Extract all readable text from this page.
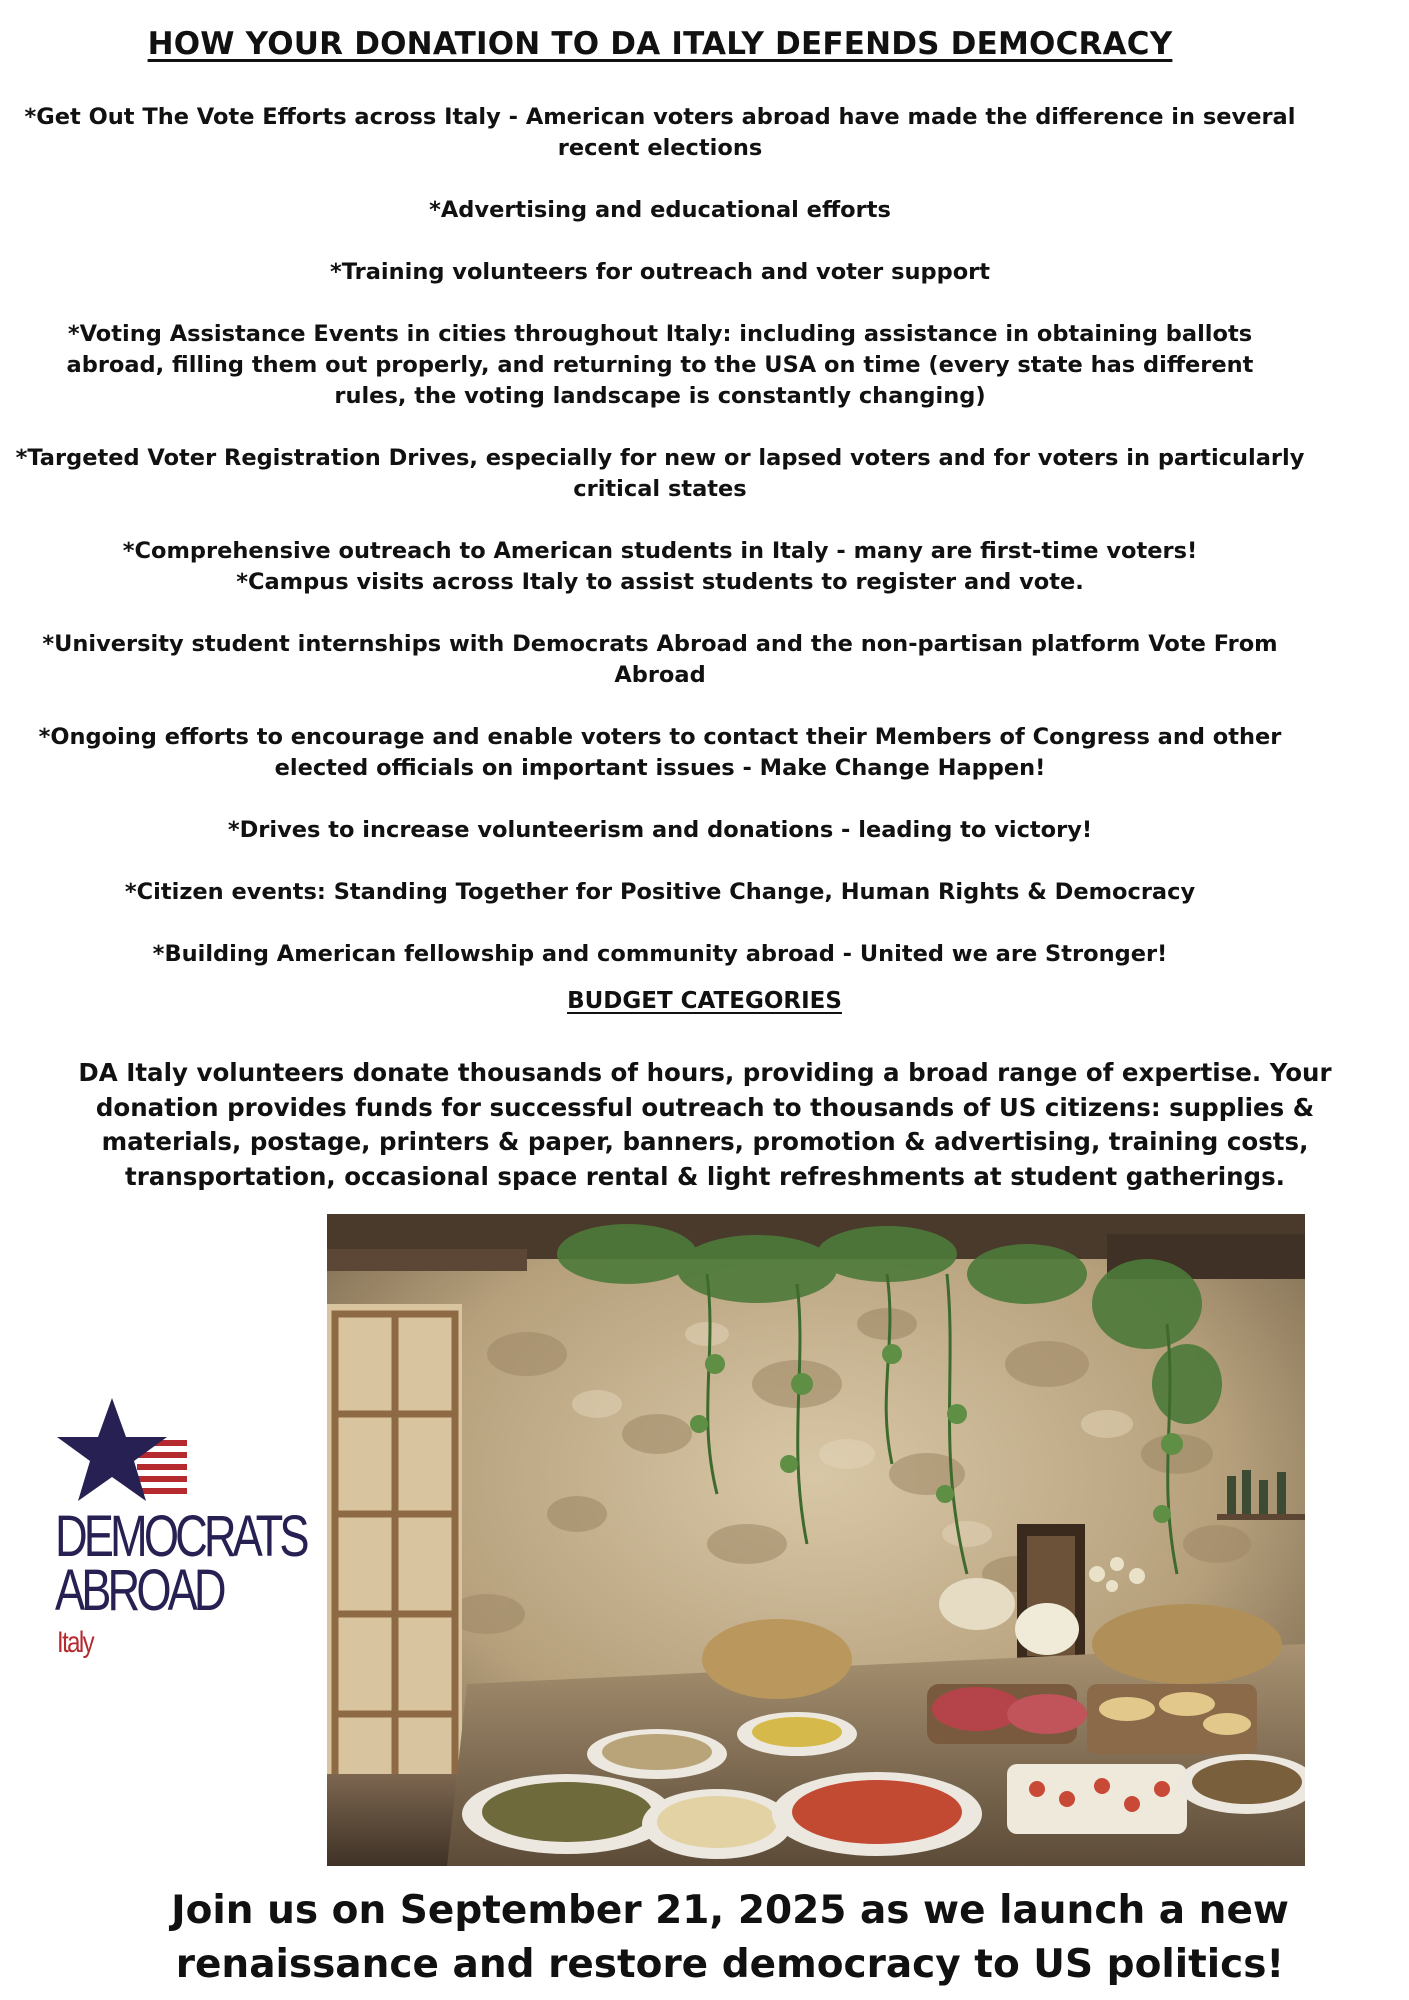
HOW YOUR DONATION TO DA ITALY DEFENDS DEMOCRACY
*Get Out The Vote Efforts across Italy - American voters abroad have made the difference in several recent elections
*Advertising and educational efforts
*Training volunteers for outreach and voter support
*Voting Assistance Events in cities throughout Italy: including assistance in obtaining ballots abroad, filling them out properly, and returning to the USA on time (every state has different rules, the voting landscape is constantly changing)
*Targeted Voter Registration Drives, especially for new or lapsed voters and for voters in particularly critical states
*Comprehensive outreach to American students in Italy - many are first-time voters!
*Campus visits across Italy to assist students to register and vote.
*University student internships with Democrats Abroad and the non-partisan platform Vote From Abroad
*Ongoing efforts to encourage and enable voters to contact their Members of Congress and other elected officials on important issues - Make Change Happen!
*Drives to increase volunteerism and donations - leading to victory!
*Citizen events: Standing Together for Positive Change, Human Rights & Democracy
*Building American fellowship and community abroad - United we are Stronger!
BUDGET CATEGORIES
DA Italy volunteers donate thousands of hours, providing a broad range of expertise. Your donation provides funds for successful outreach to thousands of US citizens: supplies & materials, postage, printers & paper, banners, promotion & advertising, training costs, transportation, occasional space rental & light refreshments at student gatherings.
DEMOCRATS
ABROAD
Italy
Join us on September 21, 2025 as we launch a new renaissance and restore democracy to US politics!
